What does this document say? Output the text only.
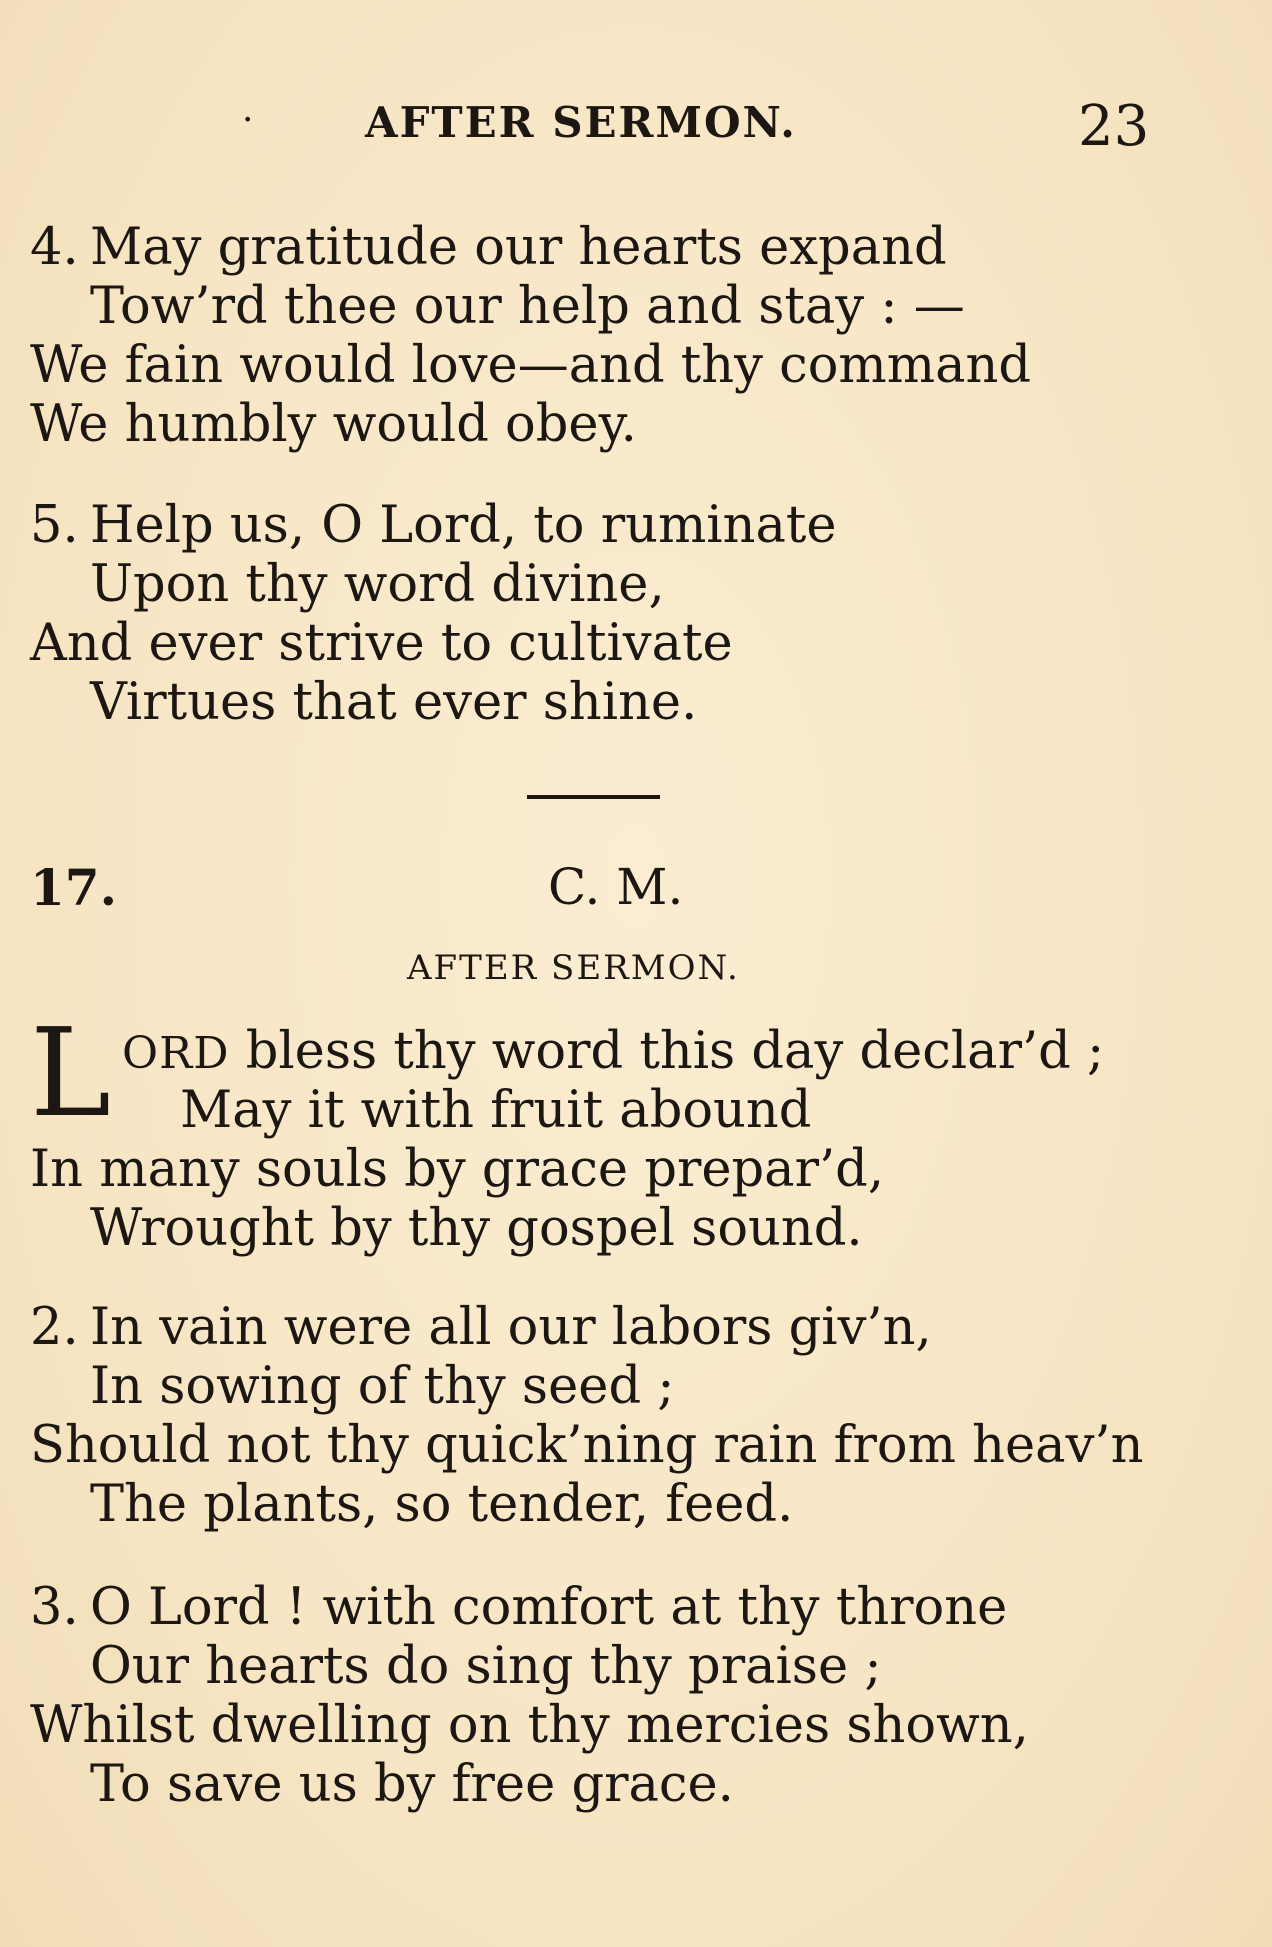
·	AFTER SERMON.	23
4. May gratitude our hearts expand
Tow’rd thee our help and stay : —
We fain would love—and thy command
We humbly would obey.
5. Help us, O Lord, to ruminate
Upon thy word divine,
And ever strive to cultivate
Virtues that ever shine.
17.	C. M.
AFTER SERMON.
L ORD bless thy word this day declar’d ;
May it with fruit abound
In many souls by grace prepar’d,
Wrought by thy gospel sound.
2. In vain were all our labors giv’n,
In sowing of thy seed ;
Should not thy quick’ning rain from heav’n
The plants, so tender, feed.
3. O Lord ! with comfort at thy throne
Our hearts do sing thy praise ;
Whilst dwelling on thy mercies shown,
To save us by free grace.
